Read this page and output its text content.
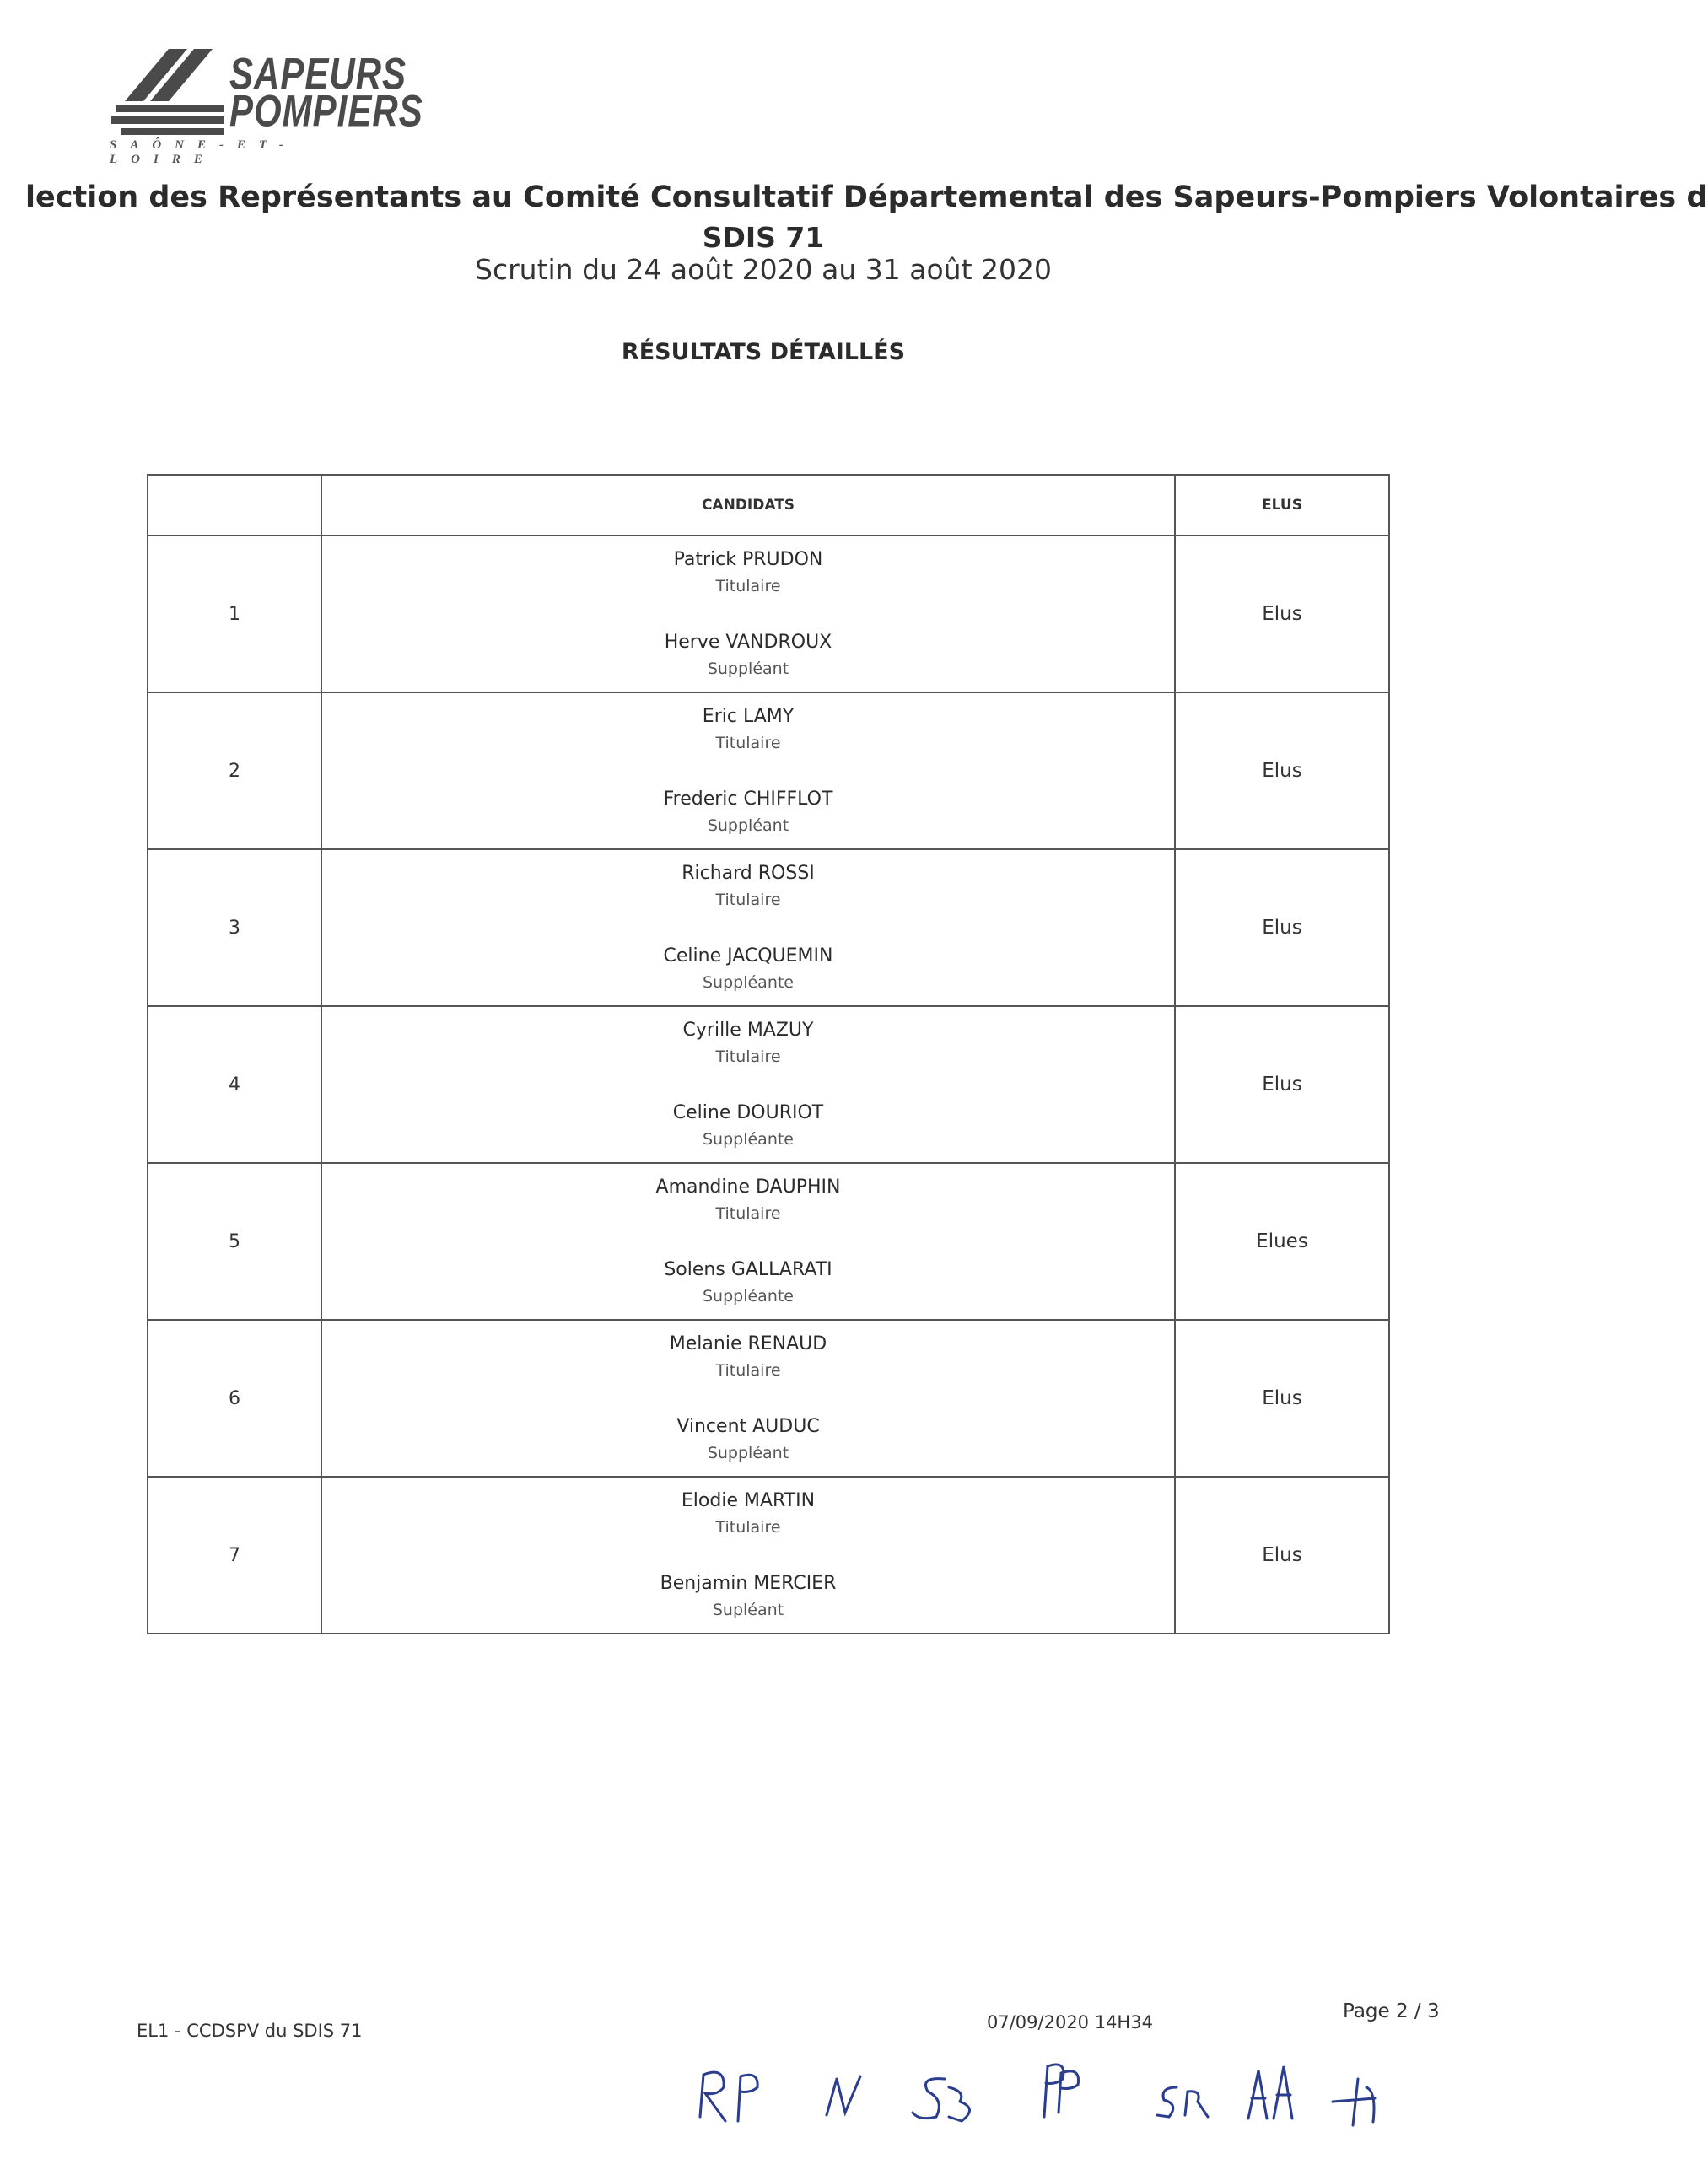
SAPEURS
POMPIERS
SAÔNE-ET-LOIRE
lection des Représentants au Comité Consultatif Départemental des Sapeurs-Pompiers Volontaires d
SDIS 71
Scrutin du 24 août 2020 au 31 août 2020
RÉSULTATS DÉTAILLÉS
	CANDIDATS	ELUS
1	Patrick PRUDON
Titulaire
Herve VANDROUX
Suppléant	Elus
2	Eric LAMY
Titulaire
Frederic CHIFFLOT
Suppléant	Elus
3	Richard ROSSI
Titulaire
Celine JACQUEMIN
Suppléante	Elus
4	Cyrille MAZUY
Titulaire
Celine DOURIOT
Suppléante	Elus
5	Amandine DAUPHIN
Titulaire
Solens GALLARATI
Suppléante	Elues
6	Melanie RENAUD
Titulaire
Vincent AUDUC
Suppléant	Elus
7	Elodie MARTIN
Titulaire
Benjamin MERCIER
Supléant	Elus
EL1 - CCDSPV du SDIS 71	07/09/2020 14H34	Page 2 / 3
